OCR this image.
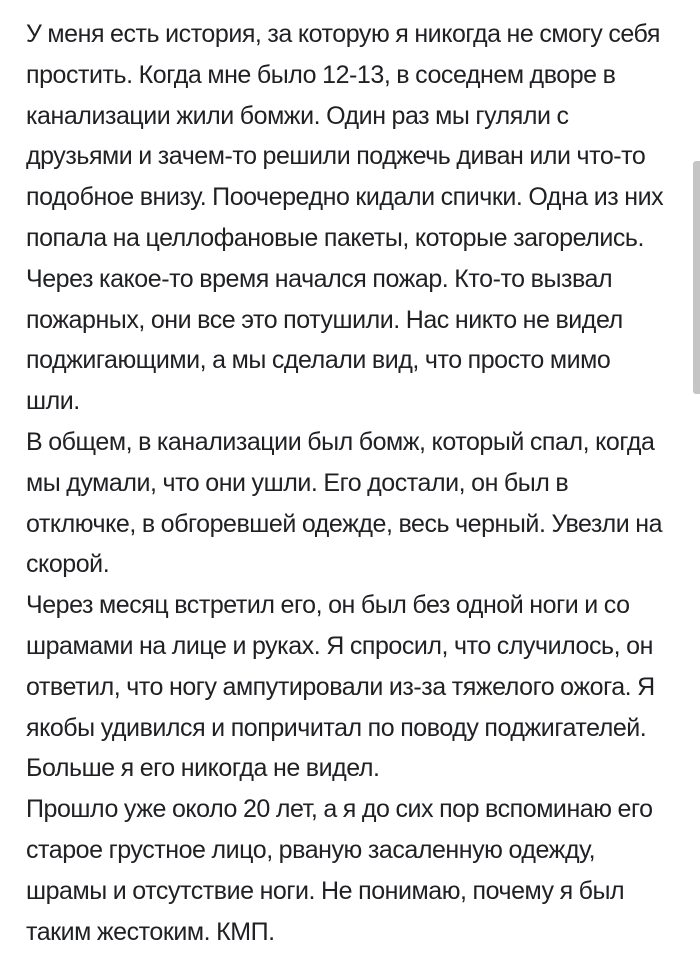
У меня есть история, за которую я никогда не смогу себя
простить. Когда мне было 12-13, в соседнем дворе в
канализации жили бомжи. Один раз мы гуляли с
друзьями и зачем-то решили поджечь диван или что-то
подобное внизу. Поочередно кидали спички. Одна из них
попала на целлофановые пакеты, которые загорелись.
Через какое-то время начался пожар. Кто-то вызвал
пожарных, они все это потушили. Нас никто не видел
поджигающими, а мы сделали вид, что просто мимо
шли.
В общем, в канализации был бомж, который спал, когда
мы думали, что они ушли. Его достали, он был в
отключке, в обгоревшей одежде, весь черный. Увезли на
скорой.
Через месяц встретил его, он был без одной ноги и со
шрамами на лице и руках. Я спросил, что случилось, он
ответил, что ногу ампутировали из-за тяжелого ожога. Я
якобы удивился и попричитал по поводу поджигателей.
Больше я его никогда не видел.
Прошло уже около 20 лет, а я до сих пор вспоминаю его
старое грустное лицо, рваную засаленную одежду,
шрамы и отсутствие ноги. Не понимаю, почему я был
таким жестоким. КМП.
